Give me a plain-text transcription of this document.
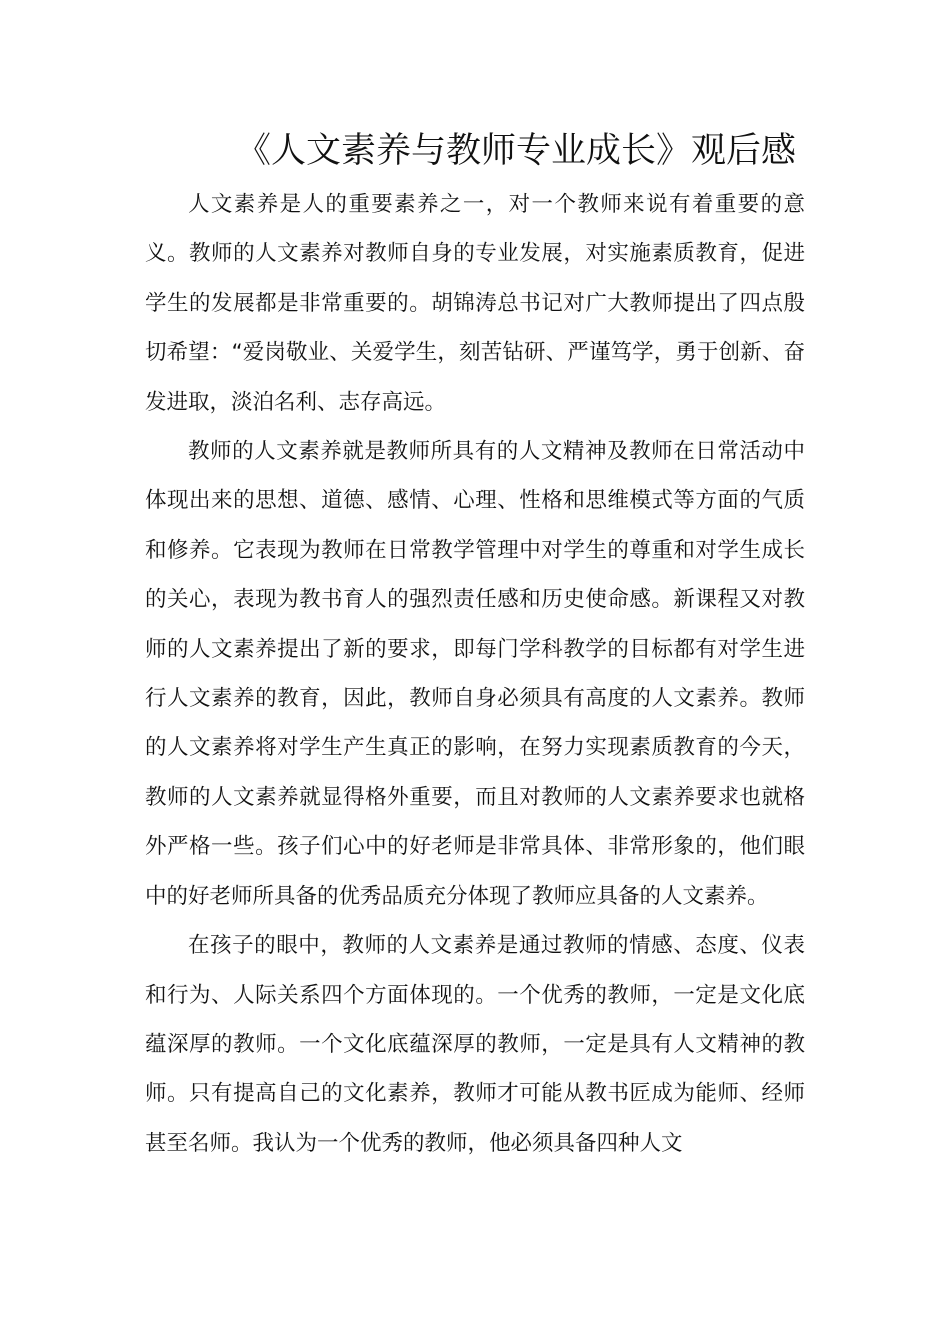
《人文素养与教师专业成长》观后感

人文素养是人的重要素养之一，对一个教师来说有着重要的意义。教师的人文素养对教师自身的专业发展，对实施素质教育，促进学生的发展都是非常重要的。胡锦涛总书记对广大教师提出了四点殷切希望：“爱岗敬业、关爱学生，刻苦钻研、严谨笃学，勇于创新、奋发进取，淡泊名利、志存高远。

教师的人文素养就是教师所具有的人文精神及教师在日常活动中体现出来的思想、道德、感情、心理、性格和思维模式等方面的气质和修养。它表现为教师在日常教学管理中对学生的尊重和对学生成长的关心，表现为教书育人的强烈责任感和历史使命感。新课程又对教师的人文素养提出了新的要求，即每门学科教学的目标都有对学生进行人文素养的教育，因此，教师自身必须具有高度的人文素养。教师的人文素养将对学生产生真正的影响，在努力实现素质教育的今天，教师的人文素养就显得格外重要，而且对教师的人文素养要求也就格外严格一些。孩子们心中的好老师是非常具体、非常形象的，他们眼中的好老师所具备的优秀品质充分体现了教师应具备的人文素养。

在孩子的眼中，教师的人文素养是通过教师的情感、态度、仪表和行为、人际关系四个方面体现的。一个优秀的教师，一定是文化底蕴深厚的教师。一个文化底蕴深厚的教师，一定是具有人文精神的教师。只有提高自己的文化素养，教师才可能从教书匠成为能师、经师甚至名师。我认为一个优秀的教师，他必须具备四种人文
